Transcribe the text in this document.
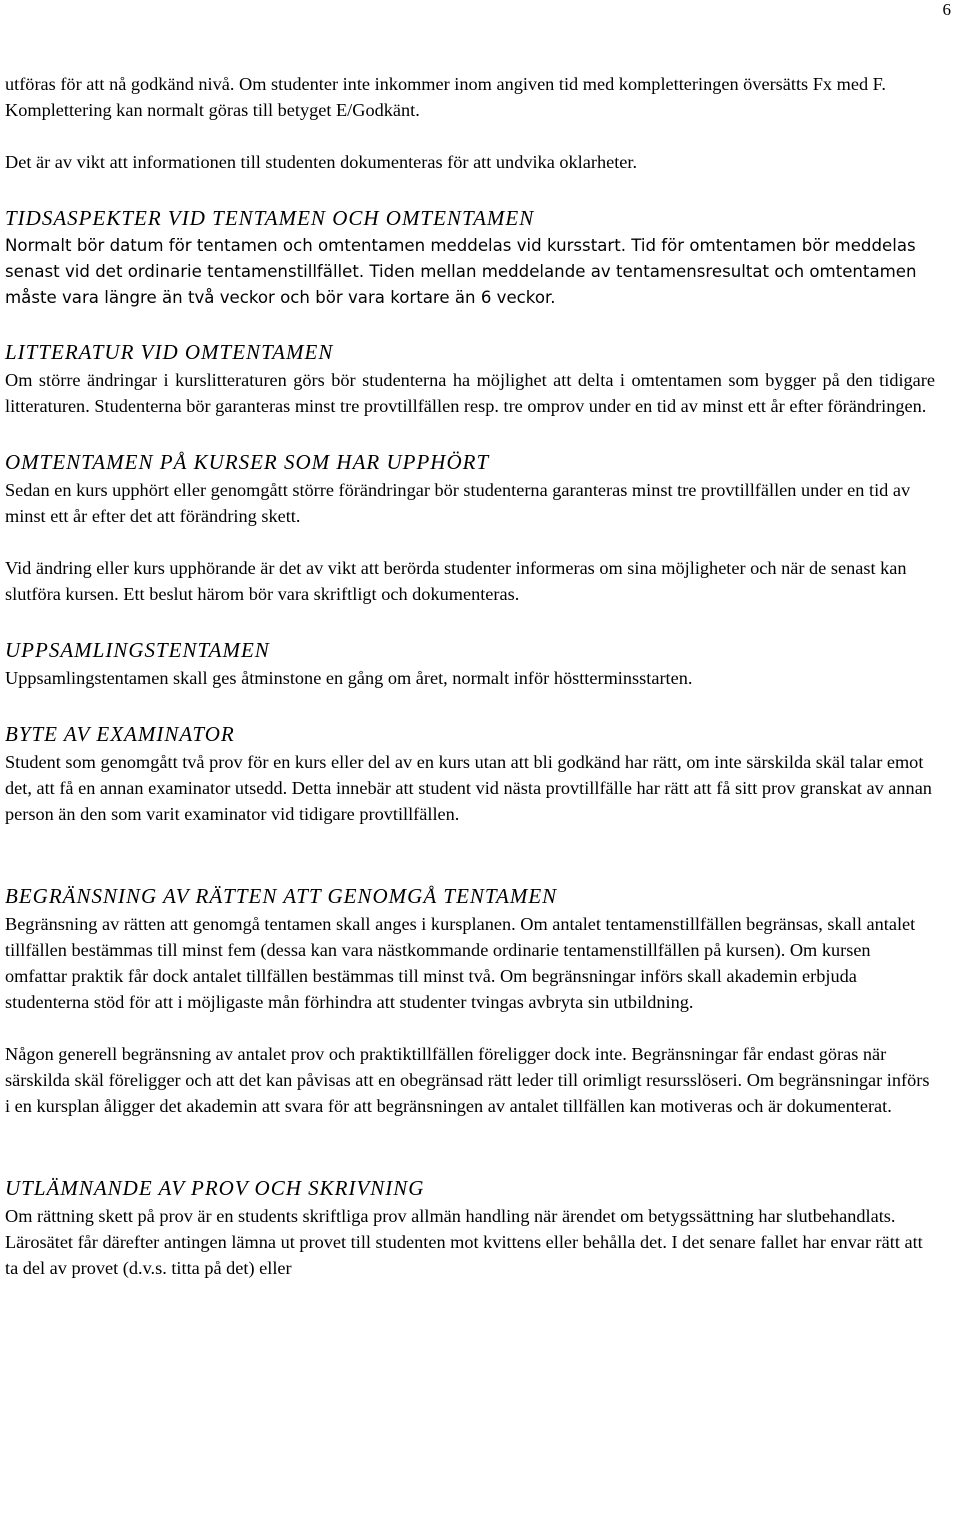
6

utföras för att nå godkänd nivå. Om studenter inte inkommer inom angiven tid med kompletteringen översätts Fx med F. Komplettering kan normalt göras till betyget E/Godkänt.

Det är av vikt att informationen till studenten dokumenteras för att undvika oklarheter.

TIDSASPEKTER VID TENTAMEN OCH OMTENTAMEN

Normalt bör datum för tentamen och omtentamen meddelas vid kursstart. Tid för omtentamen bör meddelas senast vid det ordinarie tentamenstillfället. Tiden mellan meddelande av tentamensresultat och omtentamen måste vara längre än två veckor och bör vara kortare än 6 veckor.

LITTERATUR VID OMTENTAMEN

Om större ändringar i kurslitteraturen görs bör studenterna ha möjlighet att delta i omtentamen som bygger på den tidigare litteraturen. Studenterna bör garanteras minst tre provtillfällen resp. tre omprov under en tid av minst ett år efter förändringen.

OMTENTAMEN PÅ KURSER SOM HAR UPPHÖRT

Sedan en kurs upphört eller genomgått större förändringar bör studenterna garanteras minst tre provtillfällen under en tid av minst ett år efter det att förändring skett.

Vid ändring eller kurs upphörande är det av vikt att berörda studenter informeras om sina möjligheter och när de senast kan slutföra kursen. Ett beslut härom bör vara skriftligt och dokumenteras.

UPPSAMLINGSTENTAMEN

Uppsamlingstentamen skall ges åtminstone en gång om året, normalt inför höstterminsstarten.

BYTE AV EXAMINATOR

Student som genomgått två prov för en kurs eller del av en kurs utan att bli godkänd har rätt, om inte särskilda skäl talar emot det, att få en annan examinator utsedd. Detta innebär att student vid nästa provtillfälle har rätt att få sitt prov granskat av annan person än den som varit examinator vid tidigare provtillfällen.

BEGRÄNSNING AV RÄTTEN ATT GENOMGÅ TENTAMEN

Begränsning av rätten att genomgå tentamen skall anges i kursplanen. Om antalet tentamenstillfällen begränsas, skall antalet tillfällen bestämmas till minst fem (dessa kan vara nästkommande ordinarie tentamenstillfällen på kursen). Om kursen omfattar praktik får dock antalet tillfällen bestämmas till minst två. Om begränsningar införs skall akademin erbjuda studenterna stöd för att i möjligaste mån förhindra att studenter tvingas avbryta sin utbildning.

Någon generell begränsning av antalet prov och praktiktillfällen föreligger dock inte. Begränsningar får endast göras när särskilda skäl föreligger och att det kan påvisas att en obegränsad rätt leder till orimligt resursslöseri. Om begränsningar införs i en kursplan åligger det akademin att svara för att begränsningen av antalet tillfällen kan motiveras och är dokumenterat.

UTLÄMNANDE AV PROV OCH SKRIVNING

Om rättning skett på prov är en students skriftliga prov allmän handling när ärendet om betygssättning har slutbehandlats. Lärosätet får därefter antingen lämna ut provet till studenten mot kvittens eller behålla det. I det senare fallet har envar rätt att ta del av provet (d.v.s. titta på det) eller
